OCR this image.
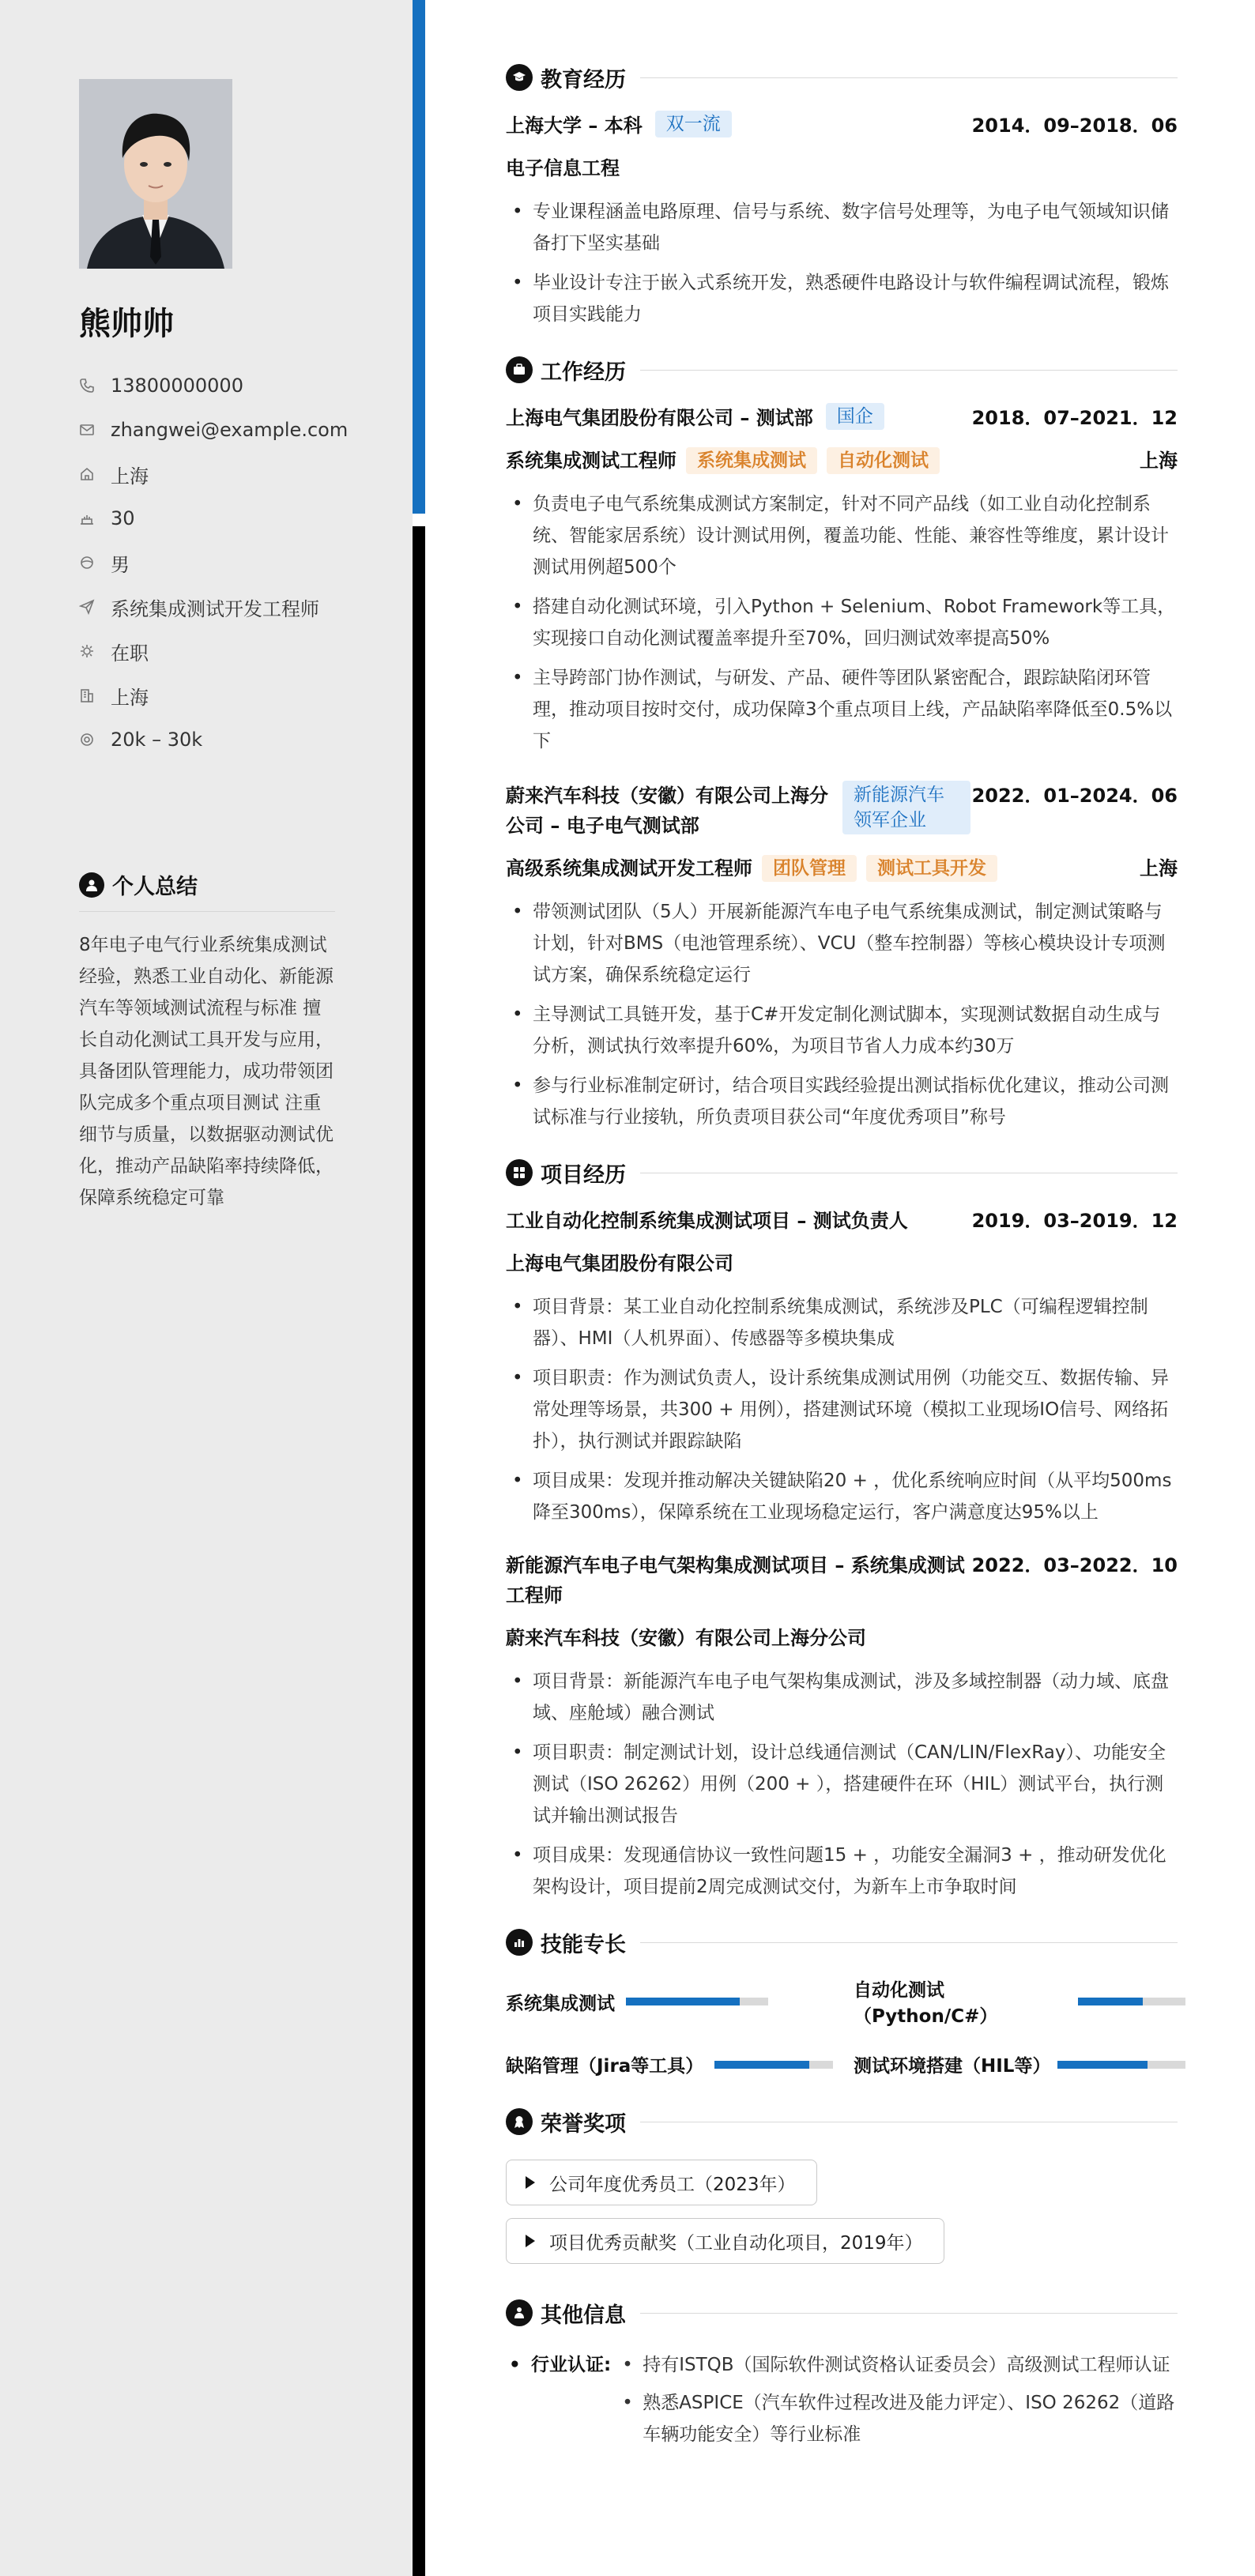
熊帅帅
13800000000
zhangwei@example.com
上海
30
男
系统集成测试开发工程师
在职
上海
20k – 30k
个人总结
8年电子电气行业系统集成测试经验，熟悉工业自动化、新能源汽车等领域测试流程与标准 擅长自动化测试工具开发与应用，具备团队管理能力，成功带领团队完成多个重点项目测试 注重细节与质量，以数据驱动测试优化，推动产品缺陷率持续降低，保障系统稳定可靠
教育经历
上海大学 – 本科	双一流	2014．09–2018．06
电子信息工程
• 专业课程涵盖电路原理、信号与系统、数字信号处理等，为电子电气领域知识储备打下坚实基础
• 毕业设计专注于嵌入式系统开发，熟悉硬件电路设计与软件编程调试流程，锻炼项目实践能力
工作经历
上海电气集团股份有限公司 – 测试部	国企	2018．07–2021．12
系统集成测试工程师	系统集成测试	自动化测试	上海
• 负责电子电气系统集成测试方案制定，针对不同产品线（如工业自动化控制系统、智能家居系统）设计测试用例，覆盖功能、性能、兼容性等维度，累计设计测试用例超500个
• 搭建自动化测试环境，引入Python + Selenium、Robot Framework等工具，实现接口自动化测试覆盖率提升至70%，回归测试效率提高50%
• 主导跨部门协作测试，与研发、产品、硬件等团队紧密配合，跟踪缺陷闭环管理，推动项目按时交付，成功保障3个重点项目上线，产品缺陷率降低至0.5%以下
蔚来汽车科技（安徽）有限公司上海分公司 – 电子电气测试部
新能源汽车领军企业
2022．01–2024．06
高级系统集成测试开发工程师	团队管理	测试工具开发	上海
• 带领测试团队（5人）开展新能源汽车电子电气系统集成测试，制定测试策略与计划，针对BMS（电池管理系统）、VCU（整车控制器）等核心模块设计专项测试方案，确保系统稳定运行
• 主导测试工具链开发，基于C#开发定制化测试脚本，实现测试数据自动生成与分析，测试执行效率提升60%，为项目节省人力成本约30万
• 参与行业标准制定研讨，结合项目实践经验提出测试指标优化建议，推动公司测试标准与行业接轨，所负责项目获公司“年度优秀项目”称号
项目经历
工业自动化控制系统集成测试项目 – 测试负责人	2019．03–2019．12
上海电气集团股份有限公司
• 项目背景：某工业自动化控制系统集成测试，系统涉及PLC（可编程逻辑控制器）、HMI（人机界面）、传感器等多模块集成
• 项目职责：作为测试负责人，设计系统集成测试用例（功能交互、数据传输、异常处理等场景，共300 + 用例），搭建测试环境（模拟工业现场IO信号、网络拓扑），执行测试并跟踪缺陷
• 项目成果：发现并推动解决关键缺陷20 + ，优化系统响应时间（从平均500ms降至300ms），保障系统在工业现场稳定运行，客户满意度达95%以上
新能源汽车电子电气架构集成测试项目 – 系统集成测试工程师
2022．03–2022．10
蔚来汽车科技（安徽）有限公司上海分公司
• 项目背景：新能源汽车电子电气架构集成测试，涉及多域控制器（动力域、底盘域、座舱域）融合测试
• 项目职责：制定测试计划，设计总线通信测试（CAN/LIN/FlexRay）、功能安全测试（ISO 26262）用例（200 + ），搭建硬件在环（HIL）测试平台，执行测试并输出测试报告
• 项目成果：发现通信协议一致性问题15 + ，功能安全漏洞3 + ，推动研发优化架构设计，项目提前2周完成测试交付，为新车上市争取时间
技能专长
系统集成测试
自动化测试（Python/C#）
缺陷管理（Jira等工具）	测试环境搭建（HIL等）
荣誉奖项
公司年度优秀员工（2023年）
项目优秀贡献奖（工业自动化项目，2019年）
其他信息
• 行业认证:
•	持有ISTQB（国际软件测试资格认证委员会）高级测试工程师认证
• 熟悉ASPICE（汽车软件过程改进及能力评定）、ISO 26262（道路车辆功能安全）等行业标准
